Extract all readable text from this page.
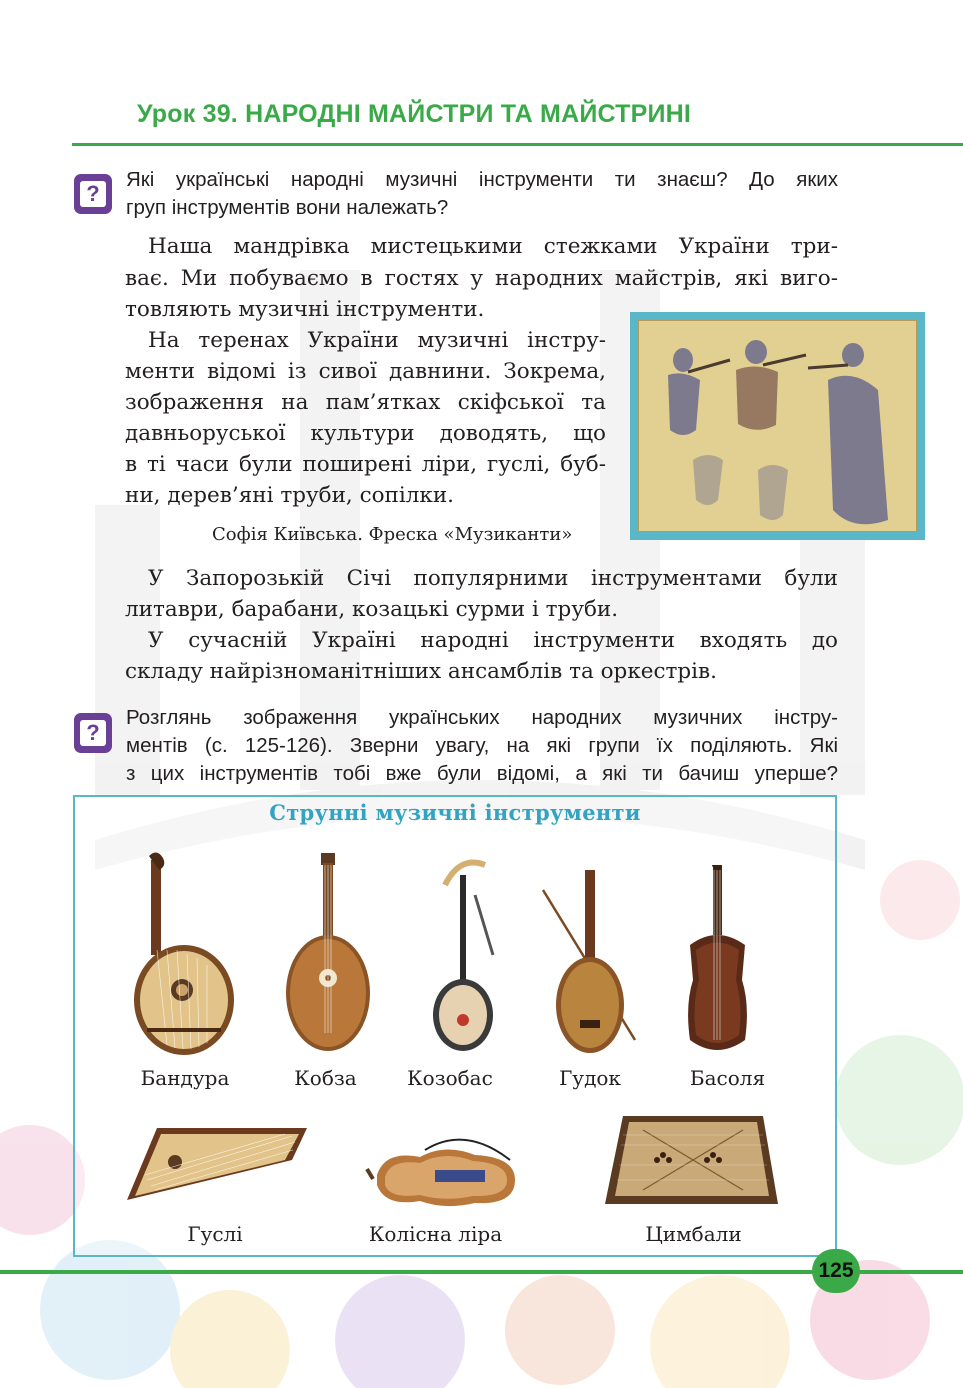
Урок 39. НАРОДНІ МАЙСТРИ ТА МАЙСТРИНІ
?
Які українські народні музичні інструменти ти знаєш? До яких
груп інструментів вони належать?
Наша мандрівка мистецькими стежками України три-
ває. Ми побуваємо в гостях у народних майстрів, які виго-
товляють музичні інструменти.
На теренах України музичні інстру-
менти відомі із сивої давнини. Зокрема,
зображення на пам’ятках скіфської та
давньоруської культури доводять, що
в ті часи були поширені ліри, гуслі, буб-
ни, дерев’яні труби, сопілки.
Софія Київська. Фреска «Музиканти»
У Запорозькій Січі популярними інструментами були
литаври, барабани, козацькі сурми і труби.
У сучасній Україні народні інструменти входять до
складу найрізноманітніших ансамблів та оркестрів.
?
Розглянь зображення українських народних музичних інстру-
ментів (с. 125-126). Зверни увагу, на які групи їх поділяють. Які
з цих інструментів тобі вже були відомі, а які ти бачиш уперше?
Струнні музичні інструменти
Бандура	Кобза	Козобас	Гудок	Басоля
Гуслі	Колісна ліра	Цимбали
125
